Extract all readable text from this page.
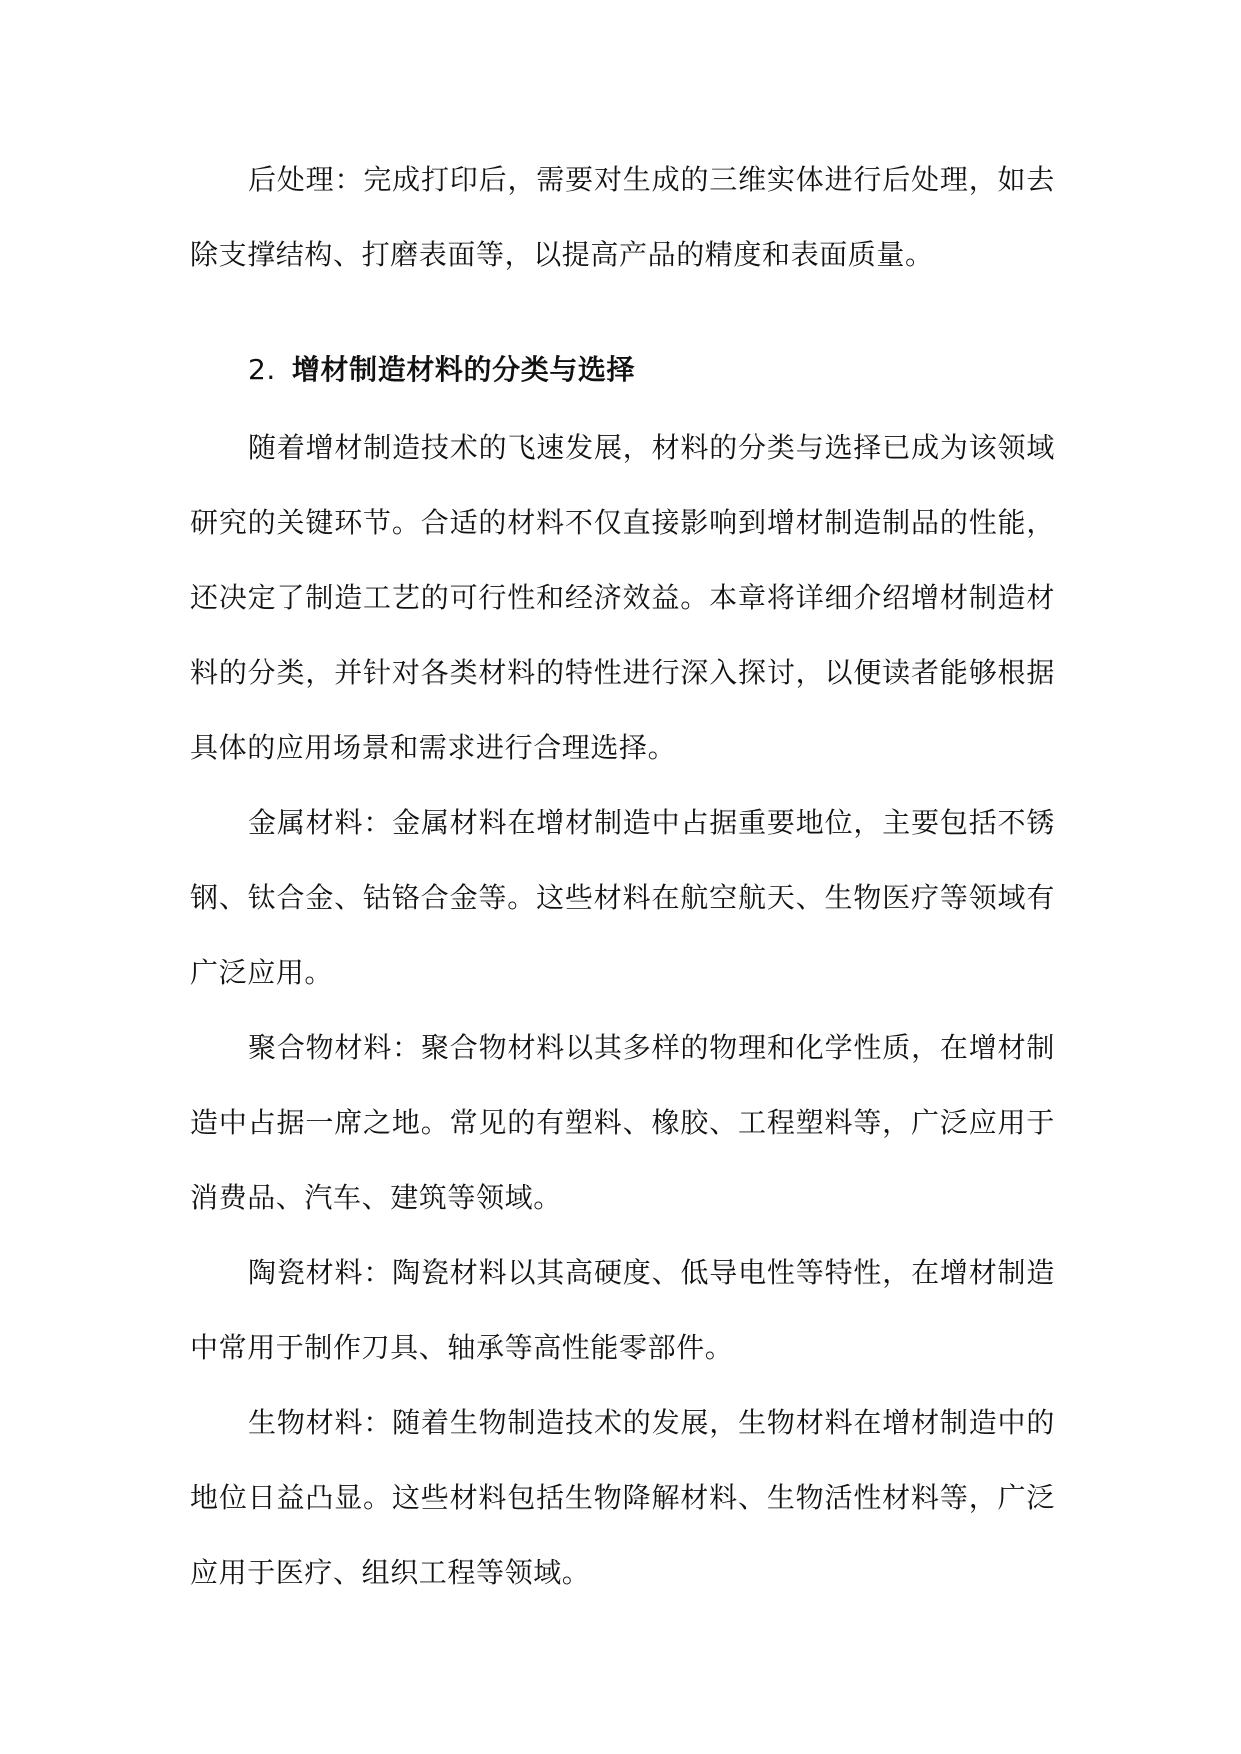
后处理：完成打印后，需要对生成的三维实体进行后处理，如去除支撑结构、打磨表面等，以提高产品的精度和表面质量。

2. 增材制造材料的分类与选择

随着增材制造技术的飞速发展，材料的分类与选择已成为该领域研究的关键环节。合适的材料不仅直接影响到增材制造制品的性能，还决定了制造工艺的可行性和经济效益。本章将详细介绍增材制造材料的分类，并针对各类材料的特性进行深入探讨，以便读者能够根据具体的应用场景和需求进行合理选择。

金属材料：金属材料在增材制造中占据重要地位，主要包括不锈钢、钛合金、钴铬合金等。这些材料在航空航天、生物医疗等领域有广泛应用。

聚合物材料：聚合物材料以其多样的物理和化学性质，在增材制造中占据一席之地。常见的有塑料、橡胶、工程塑料等，广泛应用于消费品、汽车、建筑等领域。

陶瓷材料：陶瓷材料以其高硬度、低导电性等特性，在增材制造中常用于制作刀具、轴承等高性能零部件。

生物材料：随着生物制造技术的发展，生物材料在增材制造中的地位日益凸显。这些材料包括生物降解材料、生物活性材料等，广泛应用于医疗、组织工程等领域。
